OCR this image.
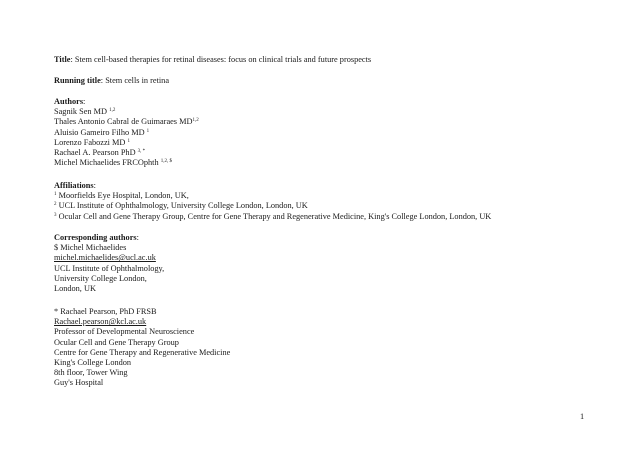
Title: Stem cell-based therapies for retinal diseases: focus on clinical trials and future prospects
Running title: Stem cells in retina
Authors:
Sagnik Sen MD $^{1,2}$
Thales Antonio Cabral de Guimaraes MD$^{1,2}$
Aluisio Gameiro Filho MD $^1$
Lorenzo Fabozzi MD $^1$
Rachael A. Pearson PhD $^{3, *}$
Michel Michaelides FRCOphth $^{1,2, \$}$
Affiliations:
$^1$ Moorfields Eye Hospital, London, UK,
$^2$ UCL Institute of Ophthalmology, University College London, London, UK
$^3$ Ocular Cell and Gene Therapy Group, Centre for Gene Therapy and Regenerative Medicine, King's College London, London, UK
Corresponding authors:
$ Michel Michaelides
michel.michaelides@ucl.ac.uk
UCL Institute of Ophthalmology,
University College London,
London, UK
* Rachael Pearson, PhD FRSB
Rachael.pearson@kcl.ac.uk
Professor of Developmental Neuroscience
Ocular Cell and Gene Therapy Group
Centre for Gene Therapy and Regenerative Medicine
King's College London
8th floor, Tower Wing
Guy's Hospital
1
